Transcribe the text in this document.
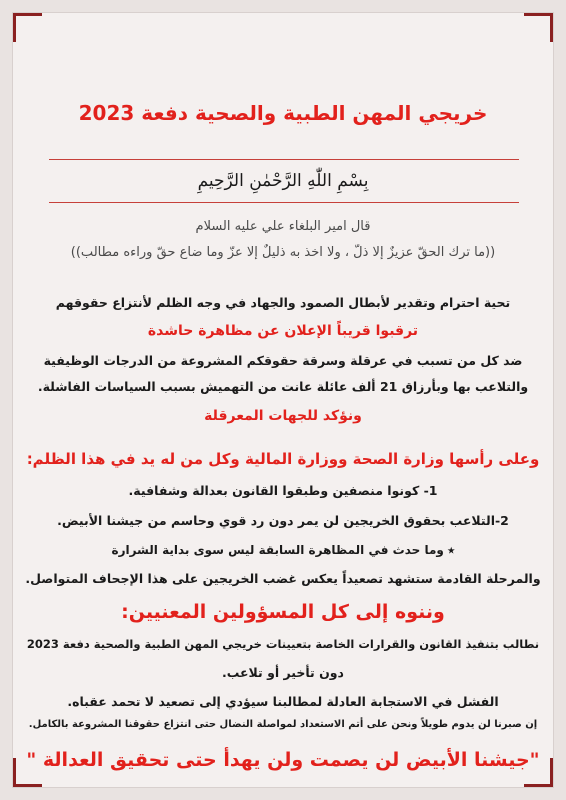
خريجي المهن الطبية والصحية دفعة 2023
بِسْمِ اللّٰهِ الرَّحْمٰنِ الرَّحِيمِ
قال امير البلغاء علي عليه السلام
((ما ترك الحقّ عزيزٌ إلا ذلّ ، ولا اخذ به ذليلٌ إلا عزّ وما ضاع حقّ وراءه مطالب))
تحية احترام وتقدير لأبطال الصمود والجهاد في وجه الظلم لأنتزاع حقوقهم
ترقبوا قريباً الإعلان عن مظاهرة حاشدة
ضد كل من تسبب في عرقلة وسرقة حقوقكم المشروعة من الدرجات الوظيفية
والتلاعب بها وبأرزاق 21 ألف عائلة عانت من التهميش بسبب السياسات الفاشلة.
ونؤكد للجهات المعرقلة
وعلى رأسها وزارة الصحة ووزارة المالية وكل من له يد في هذا الظلم:
1- كونوا منصفين وطبقوا القانون بعدالة وشفافية.
2-التلاعب بحقوق الخريجين لن يمر دون رد قوي وحاسم من جيشنا الأبيض.
⭑ وما حدث في المظاهرة السابقة ليس سوى بداية الشرارة
والمرحلة القادمة ستشهد تصعيداً يعكس غضب الخريجين على هذا الإجحاف المتواصل.
وننوه إلى كل المسؤولين المعنيين:
نطالب بتنفيذ القانون والقرارات الخاصة بتعيينات خريجي المهن الطبية والصحية دفعة 2023
دون تأخير أو تلاعب.
الفشل في الاستجابة العادلة لمطالبنا سيؤدي إلى تصعيد لا تحمد عقباه.
إن صبرنا لن يدوم طويلاً ونحن على أتم الاستعداد لمواصلة النضال حتى انتزاع حقوقنا المشروعة بالكامل.
"جيشنا الأبيض لن يصمت ولن يهدأ حتى تحقيق العدالة "
